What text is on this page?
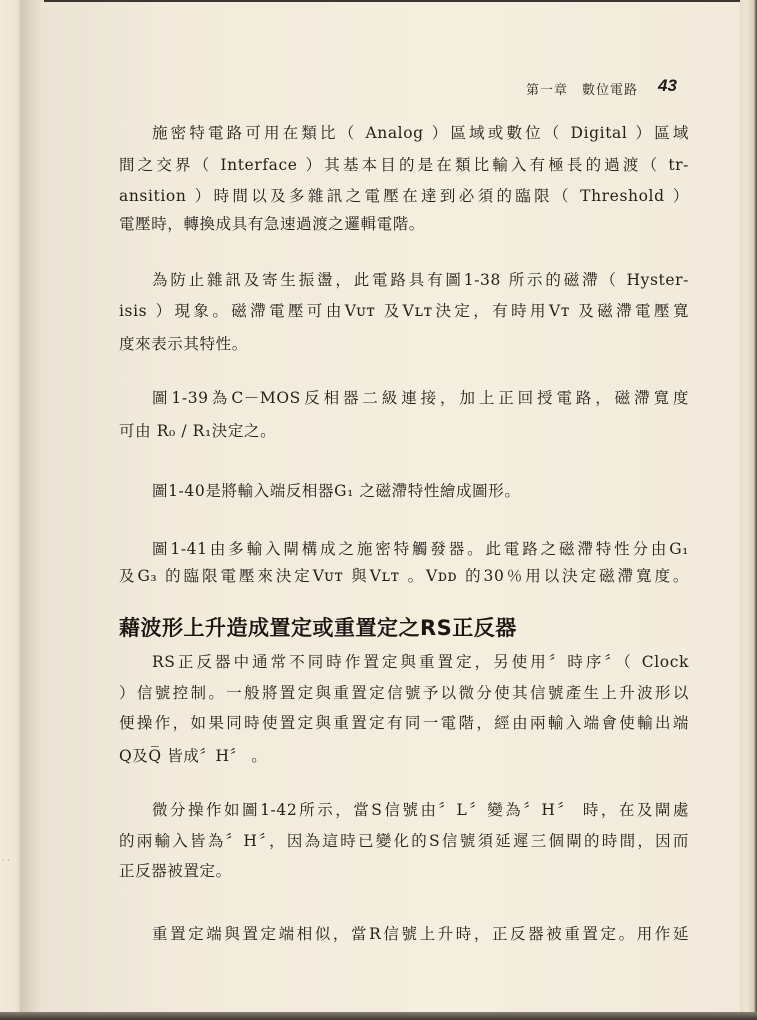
· ·
第一章　數位電路 43
施密特電路可用在類比（ Analog ）區域或數位（ Digital ）區域
間之交界（ Interface ）其基本目的是在類比輸入有極長的過渡（ tr-
ansition ）時間以及多雜訊之電壓在達到必須的臨限（ Threshold ）
電壓時，轉換成具有急速過渡之邏輯電階。
為防止雜訊及寄生振盪，此電路具有圖1-38 所示的磁滯（ Hyster-
isis ）現象。磁滯電壓可由Vᴜᴛ 及Vʟᴛ決定，有時用Vᴛ 及磁滯電壓寬
度來表示其特性。
圖1-39為C－MOS反相器二級連接，加上正回授電路，磁滯寬度
可由 R₀ / R₁決定之。
圖1-40是將輸入端反相器G₁ 之磁滯特性繪成圖形。
圖1-41由多輸入閘構成之施密特觸發器。此電路之磁滯特性分由G₁
及G₃ 的臨限電壓來決定Vᴜᴛ 與Vʟᴛ 。Vᴅᴅ 的30％用以決定磁滯寬度。
藉波形上升造成置定或重置定之RS正反器
RS正反器中通常不同時作置定與重置定，另使用〞時序〞（ Clock
）信號控制。一般將置定與重置定信號予以微分使其信號產生上升波形以
便操作，如果同時使置定與重置定有同一電階，經由兩輸入端會使輸出端
Q及Q̅ 皆成〞H〞 。
微分操作如圖1-42所示，當S信號由〞L〞變為〞H〞 時，在及閘處
的兩輸入皆為〞H〞，因為這時已變化的S信號須延遲三個閘的時間，因而
正反器被置定。
重置定端與置定端相似，當R信號上升時，正反器被重置定。用作延
